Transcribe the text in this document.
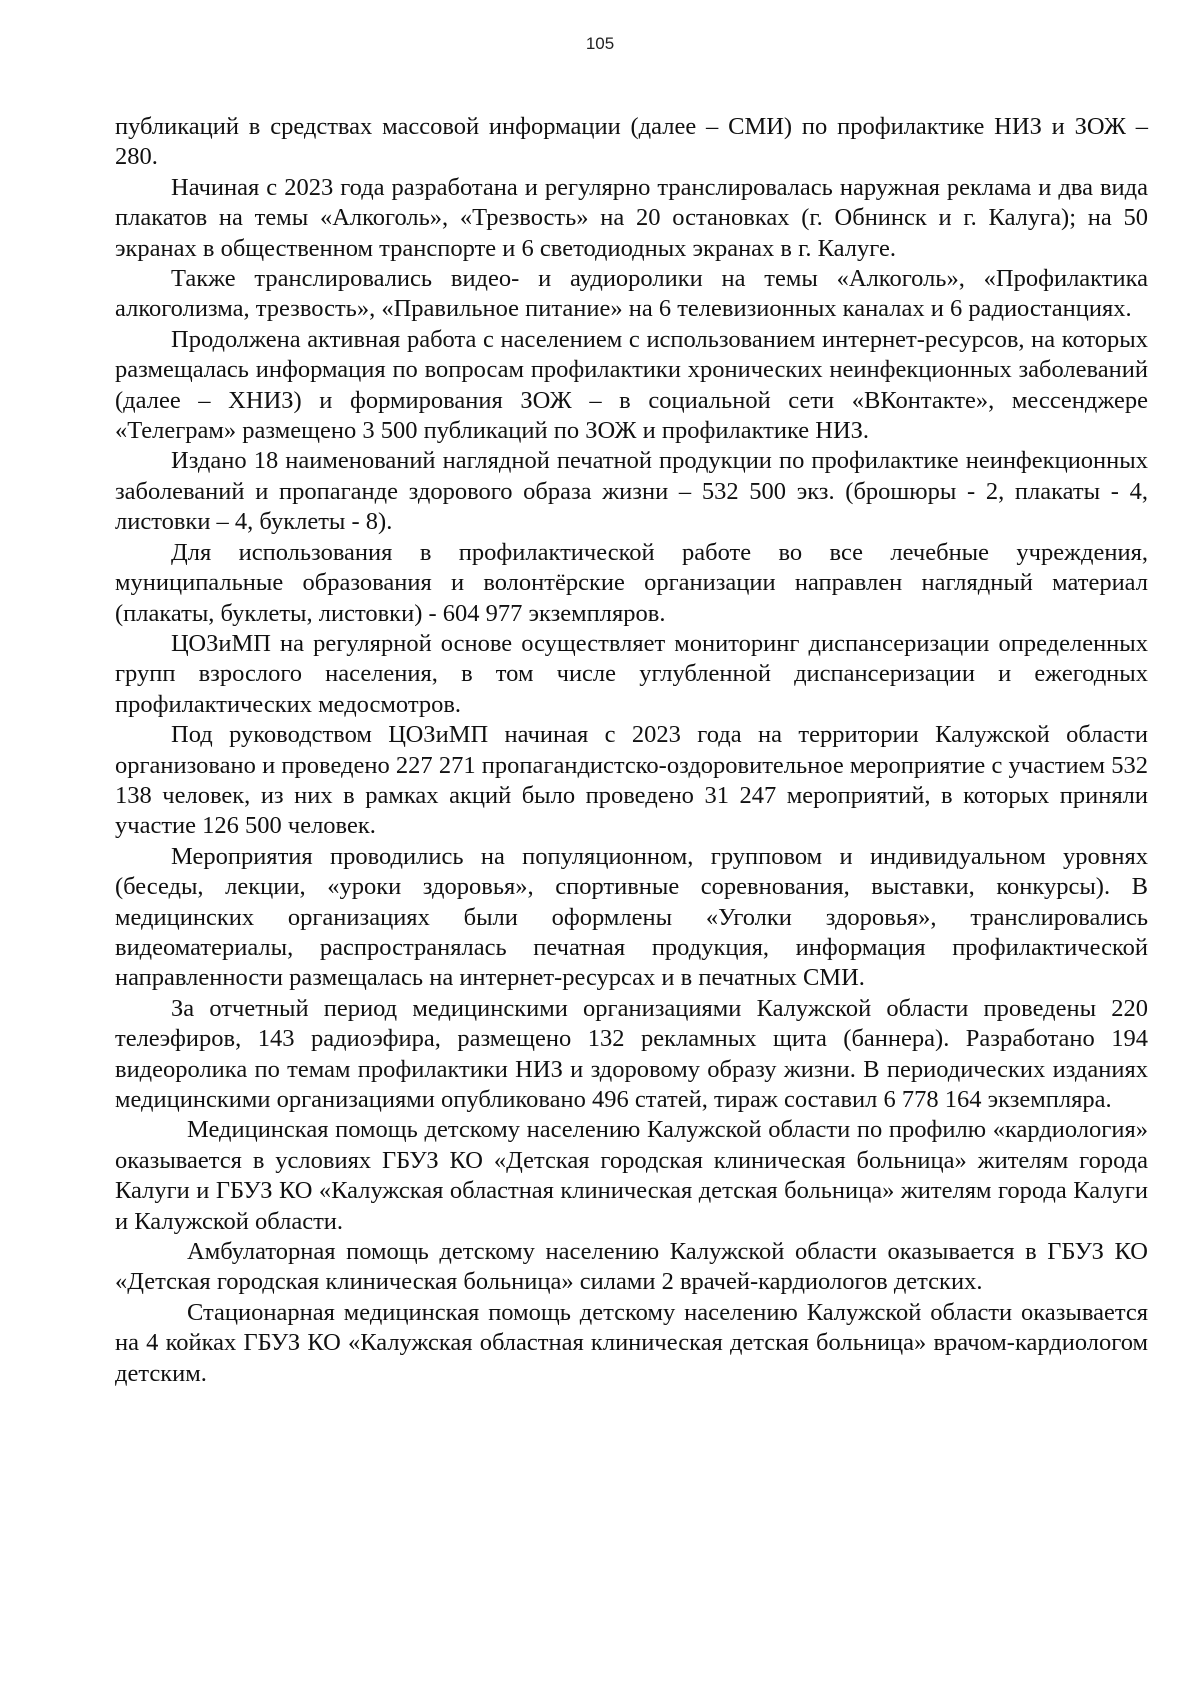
105

публикаций в средствах массовой информации (далее – СМИ) по профилактике НИЗ и ЗОЖ – 280.

Начиная с 2023 года разработана и регулярно транслировалась наружная реклама и два вида плакатов на темы «Алкоголь», «Трезвость» на 20 остановках (г. Обнинск и г. Калуга); на 50 экранах в общественном транспорте и 6 светодиодных экранах в г. Калуге.

Также транслировались видео- и аудиоролики на темы «Алкоголь», «Профилактика алкоголизма, трезвость», «Правильное питание» на 6 телевизионных каналах и 6 радиостанциях.

Продолжена активная работа с населением с использованием интернет-ресурсов, на которых размещалась информация по вопросам профилактики хронических неинфекционных заболеваний (далее – ХНИЗ) и формирования ЗОЖ – в социальной сети «ВКонтакте», мессенджере «Телеграм» размещено 3 500 публикаций по ЗОЖ и профилактике НИЗ.

Издано 18 наименований наглядной печатной продукции по профилактике неинфекционных заболеваний и пропаганде здорового образа жизни – 532 500 экз. (брошюры - 2, плакаты - 4, листовки – 4, буклеты - 8).

Для использования в профилактической работе во все лечебные учреждения, муниципальные образования и волонтёрские организации направлен наглядный материал (плакаты, буклеты, листовки) - 604 977 экземпляров.

ЦОЗиМП на регулярной основе осуществляет мониторинг диспансеризации определенных групп взрослого населения, в том числе углубленной диспансеризации и ежегодных профилактических медосмотров.

Под руководством ЦОЗиМП начиная с 2023 года на территории Калужской области организовано и проведено 227 271 пропагандистско-оздоровительное мероприятие с участием 532 138 человек, из них в рамках акций было проведено 31 247 мероприятий, в которых приняли участие 126 500 человек.

Мероприятия проводились на популяционном, групповом и индивидуальном уровнях (беседы, лекции, «уроки здоровья», спортивные соревнования, выставки, конкурсы). В медицинских организациях были оформлены «Уголки здоровья», транслировались видеоматериалы, распространялась печатная продукция, информация профилактической направленности размещалась на интернет-ресурсах и в печатных СМИ.

За отчетный период медицинскими организациями Калужской области проведены 220 телеэфиров, 143 радиоэфира, размещено 132 рекламных щита (баннера). Разработано 194 видеоролика по темам профилактики НИЗ и здоровому образу жизни. В периодических изданиях медицинскими организациями опубликовано 496 статей, тираж составил 6 778 164 экземпляра.

Медицинская помощь детскому населению Калужской области по профилю «кардиология» оказывается в условиях ГБУЗ КО «Детская городская клиническая больница» жителям города Калуги и ГБУЗ КО «Калужская областная клиническая детская больница» жителям города Калуги и Калужской области.

Амбулаторная помощь детскому населению Калужской области оказывается в ГБУЗ КО «Детская городская клиническая больница» силами 2 врачей-кардиологов детских.

Стационарная медицинская помощь детскому населению Калужской области оказывается на 4 койках ГБУЗ КО «Калужская областная клиническая детская больница» врачом-кардиологом детским.
